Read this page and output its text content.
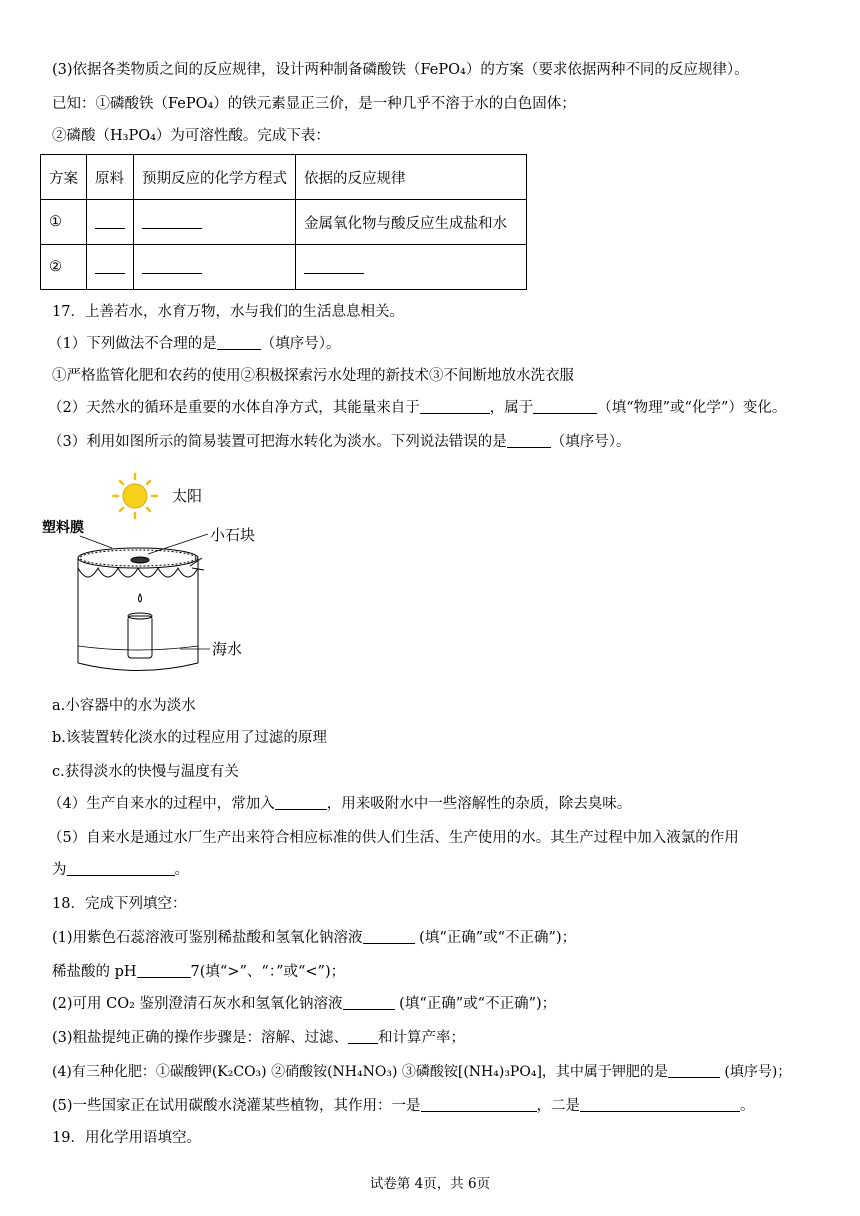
(3)依据各类物质之间的反应规律，设计两种制备磷酸铁（FePO₄）的方案（要求依据两种不同的反应规律）。
已知：①磷酸铁（FePO₄）的铁元素显正三价，是一种几乎不溶于水的白色固体；
②磷酸（H₃PO₄）为可溶性酸。完成下表：
方案	原料	预期反应的化学方程式	依据的反应规律
①			金属氧化物与酸反应生成盐和水
②			
17．上善若水，水育万物，水与我们的生活息息相关。
（1）下列做法不合理的是	（填序号）。
①严格监管化肥和农药的使用②积极探索污水处理的新技术③不间断地放水洗衣服
（2）天然水的循环是重要的水体自净方式，其能量来自于	，属于	（填“物理”或“化学”）变化。
（3）利用如图所示的简易装置可把海水转化为淡水。下列说法错误的是	（填序号）。
太阳
塑料膜	小石块
海水
a.小容器中的水为淡水
b.该装置转化淡水的过程应用了过滤的原理
c.获得淡水的快慢与温度有关
（4）生产自来水的过程中，常加入	，用来吸附水中一些溶解性的杂质，除去臭味。
（5）自来水是通过水厂生产出来符合相应标准的供人们生活、生产使用的水。其生产过程中加入液氯的作用
为	。
18．完成下列填空：
(1)用紫色石蕊溶液可鉴别稀盐酸和氢氧化钠溶液	(填“正确”或“不正确”)；
稀盐酸的 pH	7(填“>”、“：”或“<”)；
(2)可用 CO₂ 鉴别澄清石灰水和氢氧化钠溶液	(填“正确”或“不正确”)；
(3)粗盐提纯正确的操作步骤是：溶解、过滤、 和计算产率；
(4)有三种化肥：①碳酸钾(K₂CO₃) ②硝酸铵(NH₄NO₃) ③磷酸铵[(NH₄)₃PO₄]，其中属于钾肥的是	(填序号)；
(5)一些国家正在试用碳酸水浇灌某些植物，其作用：一是	，二是	。
19．用化学用语填空。
试卷第 4页，共 6页
